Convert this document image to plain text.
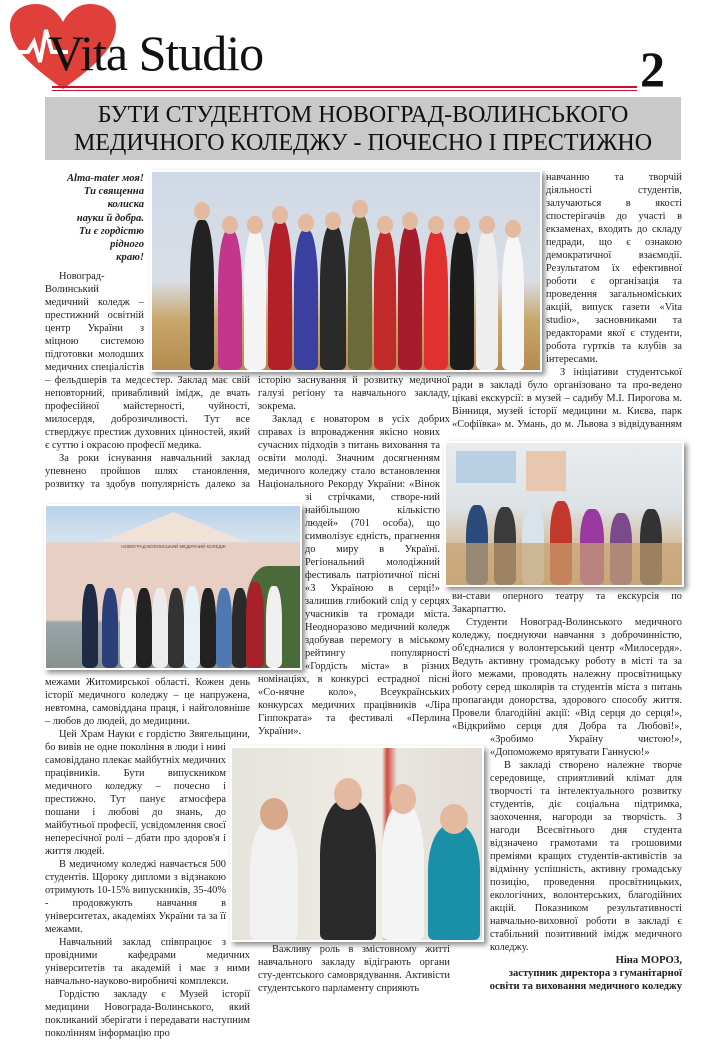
Vita Studio	2
БУТИ СТУДЕНТОМ НОВОГРАД-ВОЛИНСЬКОГО
МЕДИЧНОГО КОЛЕДЖУ - ПОЧЕСНО І ПРЕСТИЖНО
НОВОГРАД-ВОЛИНСЬКИЙ МЕДИЧНИЙ КОЛЕДЖ
Alma-mater моя!
Ти священна колиска
науки й добра.
Ти є гордістю рідного
краю!

Новоград-Волинський медичний коледж – престижний освітній центр України з міцною системою підготовки молодших медичних спеціалістів – фельдшерів та медсестер. Заклад має свій неповторний, привабливий імідж, де вчать професійної майстерності, чуйності, милосердя, доброзичливості. Тут все стверджує престиж духовних цінностей, який є суттю і окрасою професії медика.

За роки існування навчальний заклад упевнено пройшов шлях становлення, розвитку та здобув популярність далеко за межами Житомирської області. Кожен день історії медичного коледжу – це напружена, невтомна, самовіддана праця, і найголовніше – любов до людей, до медицини.

Цей Храм Науки є гордістю Звягельщини, бо вивів не одне покоління в люди і нині самовіддано плекає майбутніх медичних працівників. Бути випускником медичного коледжу – почесно і престижно. Тут панує атмосфера пошани і любові до знань, до майбутньої професії, усвідомлення своєї непересічної ролі – дбати про здоров'я і життя людей.

В медичному коледжі навчається 500 студентів. Щороку дипломи з відзнакою отримують 10-15% випускників, 35-40% - продовжують навчання в університетах, академіях України та за її межами.

Навчальний заклад співпрацює з провідними кафедрами медичних університетів та академій і має з ними навчально-науково-виробничі комплекси.

Гордістю закладу є Музей історії медицини Новограда-Волинського, який покликаний зберігати і передавати наступним поколінням інформацію про

історію заснування й розвитку медичної галузі регіону та навчального закладу, зокрема.

Заклад є новатором в усіх добрих справах із впровадження якісно нових сучасних підходів з питань виховання та освіти молоді. Значним досягненням медичного коледжу стало встановлення Національного Рекорду України: «Вінок зі стрічками, створе-ний найбільшою кількістю людей» (701 особа), що символізує єдність, прагнення до миру в Україні. Регіональний молодіжний фестиваль патріотичної пісні «З Україною в серці!» залишив глибокий слід у серцях учасників та громади міста. Неодноразово медичний коледж здобував перемогу в міському рейтингу популярності «Гордість міста» в різних номінаціях, в конкурсі естрадної пісні «Со-нячне коло», Всеукраїнських конкурсах медичних працівників «Ліра Гіппократа» та фестивалі «Перлина України».

Важливу роль в змістовному житті навчального закладу відіграють органи сту-дентського самоврядування. Активісти студентського парламенту сприяють

навчанню та творчій діяльності студентів, залучаються в якості спостерігачів до участі в екзаменах, входять до складу педради, що є ознакою демократичної взаємодії. Результатом їх ефективної роботи є організація та проведення загальноміських акцій, випуск газети «Vita studio», засновниками та редакторами якої є студенти, робота гуртків та клубів за інтересами.

З ініціативи студентської ради в закладі було організовано та про-ведено цікаві екскурсії: в музей – садибу М.І. Пирогова м. Вінниця, музей історії медицини м. Києва, парк «Софіївка» м. Умань, до м. Львова з відвідуванням ви-стави оперного театру та екскурсія по Закарпаттю.

Студенти Новоград-Волинського медичного коледжу, поєднуючи навчання з доброчинністю, об'єдналися у волонтерський центр «Милосердя». Ведуть активну громадську роботу в місті та за його межами, проводять належну просвітницьку роботу серед школярів та студентів міста з питань пропаганди донорства, здорового способу життя. Провели благодійні акції: «Від серця до серця!», «Відкриймо серця для Добра та Любові!», «Зробимо Україну чистою!», «Допоможемо врятувати Ганнусю!»

В закладі створено належне творче середовище, сприятливий клімат для творчості та інтелектуального розвитку студентів, діє соціальна підтримка, заохочення, нагороди за творчість. З нагоди Всесвітнього дня студента відзначено грамотами та грошовими преміями кращих студентів-активістів за відмінну успішність, активну громадську позицію, проведення просвітницьких, екологічних, волонтерських, благодійних акцій. Показником результативності навчально-виховної роботи в закладі є стабільний позитивний імідж медичного коледжу.

Ніна МОРОЗ,
заступник директора з гуманітарної
освіти та виховання медичного коледжу
